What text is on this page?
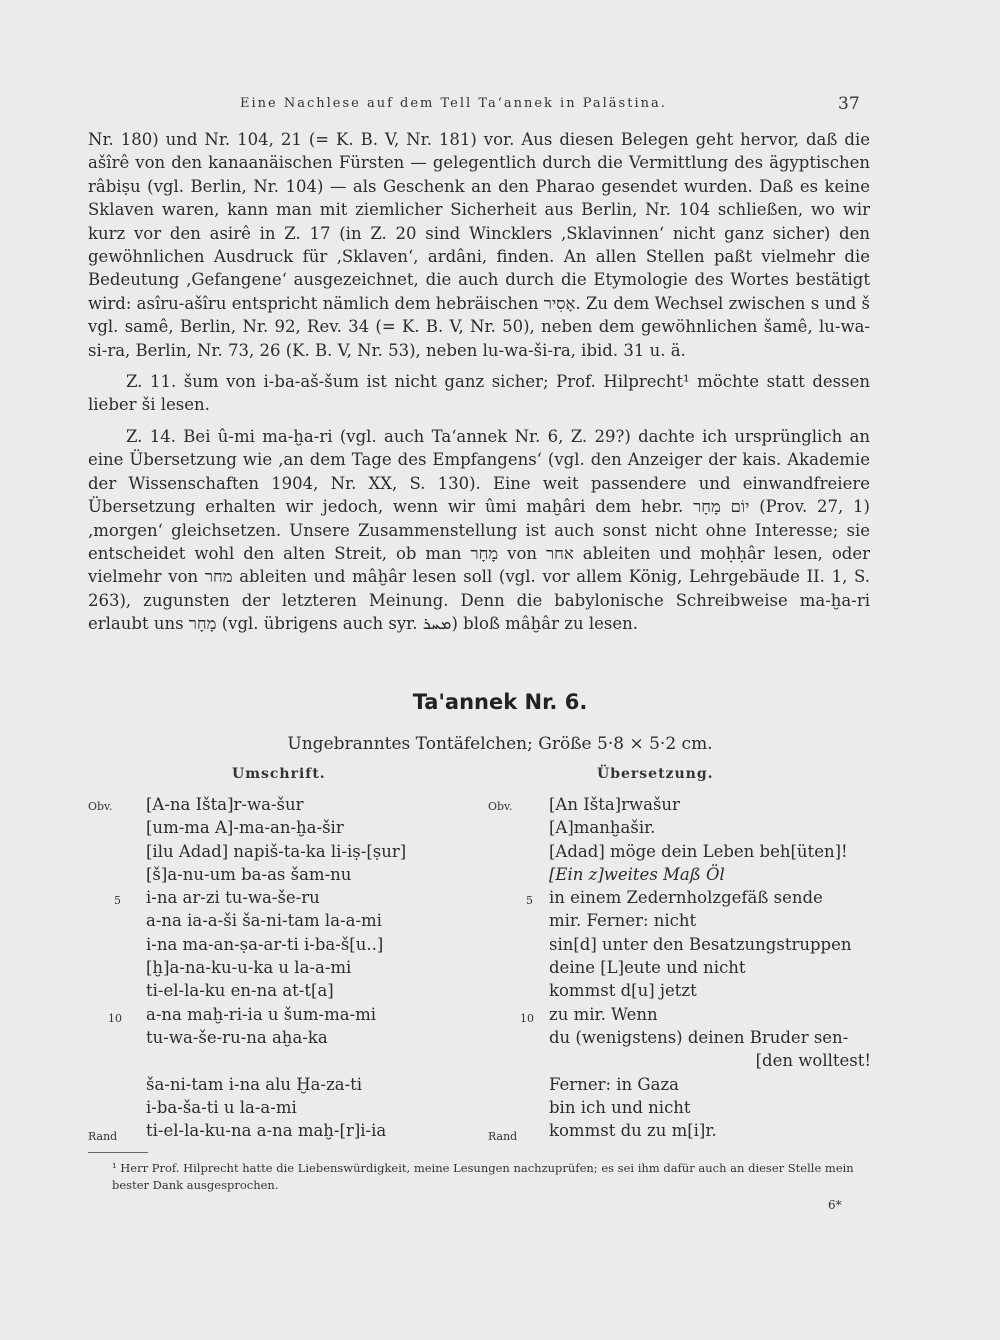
Eine Nachlese auf dem Tell Ta‘annek in Palästina.	37

Nr. 180) und Nr. 104, 21 (= K. B. V, Nr. 181) vor. Aus diesen Belegen geht hervor, daß die ašîrê von den kanaanäischen Fürsten — gelegentlich durch die Vermittlung des ägyptischen râbiṣu (vgl. Berlin, Nr. 104) — als Geschenk an den Pharao gesendet wurden. Daß es keine Sklaven waren, kann man mit ziemlicher Sicherheit aus Berlin, Nr. 104 schließen, wo wir kurz vor den asirê in Z. 17 (in Z. 20 sind Wincklers ‚Sklavinnen‘ nicht ganz sicher) den gewöhnlichen Ausdruck für ‚Sklaven‘, ardâni, finden. An allen Stellen paßt vielmehr die Bedeutung ‚Gefangene‘ ausgezeichnet, die auch durch die Etymologie des Wortes bestätigt wird: asîru-ašîru entspricht nämlich dem hebräischen אָסִיר. Zu dem Wechsel zwischen s und š vgl. samê, Berlin, Nr. 92, Rev. 34 (= K. B. V, Nr. 50), neben dem gewöhnlichen šamê, lu-wa-si-ra, Berlin, Nr. 73, 26 (K. B. V, Nr. 53), neben lu-wa-ši-ra, ibid. 31 u. ä.

Z. 11. šum von i-ba-aš-šum ist nicht ganz sicher; Prof. Hilprecht¹ möchte statt dessen lieber ši lesen.

Z. 14. Bei û-mi ma-ḫa-ri (vgl. auch Ta‘annek Nr. 6, Z. 29?) dachte ich ursprünglich an eine Übersetzung wie ‚an dem Tage des Empfangens‘ (vgl. den Anzeiger der kais. Akademie der Wissenschaften 1904, Nr. XX, S. 130). Eine weit passendere und einwandfreiere Übersetzung erhalten wir jedoch, wenn wir ûmi maḫâri dem hebr. יוֹם מָחָר (Prov. 27, 1) ‚morgen‘ gleichsetzen. Unsere Zusammenstellung ist auch sonst nicht ohne Interesse; sie entscheidet wohl den alten Streit, ob man מָחָר von אחר ableiten und moḥḥâr lesen, oder vielmehr von מחר ableiten und mâḫâr lesen soll (vgl. vor allem König, Lehrgebäude II. 1, S. 263), zugunsten der letzteren Meinung. Denn die babylonische Schreibweise ma-ḫa-ri erlaubt uns מָחָר (vgl. übrigens auch syr. ܡܚܪ) bloß mâḫâr zu lesen.

Ta'annek Nr. 6.
Ungebranntes Tontäfelchen; Größe 5·8 × 5·2 cm.
Umschrift.	Übersetzung.
Obv.
5
10
Rand
Obv.
5
10
Rand
[A-na Išta]r-wa-šur
[um-ma A]-ma-an-ḫa-šir
[ilu Adad] napiš-ta-ka li-iṣ-[ṣur]
[š]a-nu-um ba-as šam-nu
i-na ar-zi tu-wa-še-ru
a-na ia-a-ši ša-ni-tam la-a-mi
i-na ma-an-ṣa-ar-ti i-ba-š[u..]
[ḫ]a-na-ku-u-ka u la-a-mi
ti-el-la-ku en-na at-t[a]
a-na maḫ-ri-ia u šum-ma-mi
tu-wa-še-ru-na aḫa-ka
ša-ni-tam i-na alu Ḫa-za-ti
i-ba-ša-ti u la-a-mi
ti-el-la-ku-na a-na maḫ-[r]i-ia
[An Išta]rwašur
[A]manḫašir.
[Adad] möge dein Leben beh[üten]!
[Ein z]weites Maß Öl
in einem Zedernholzgefäß sende
mir. Ferner: nicht
sin[d] unter den Besatzungstruppen
deine [L]eute und nicht
kommst d[u] jetzt
zu mir. Wenn
du (wenigstens) deinen Bruder sen-
[den wolltest!
Ferner: in Gaza
bin ich und nicht
kommst du zu m[i]r.
¹ Herr Prof. Hilprecht hatte die Liebenswürdigkeit, meine Lesungen nachzuprüfen; es sei ihm dafür auch an dieser Stelle mein bester Dank ausgesprochen.
6*
